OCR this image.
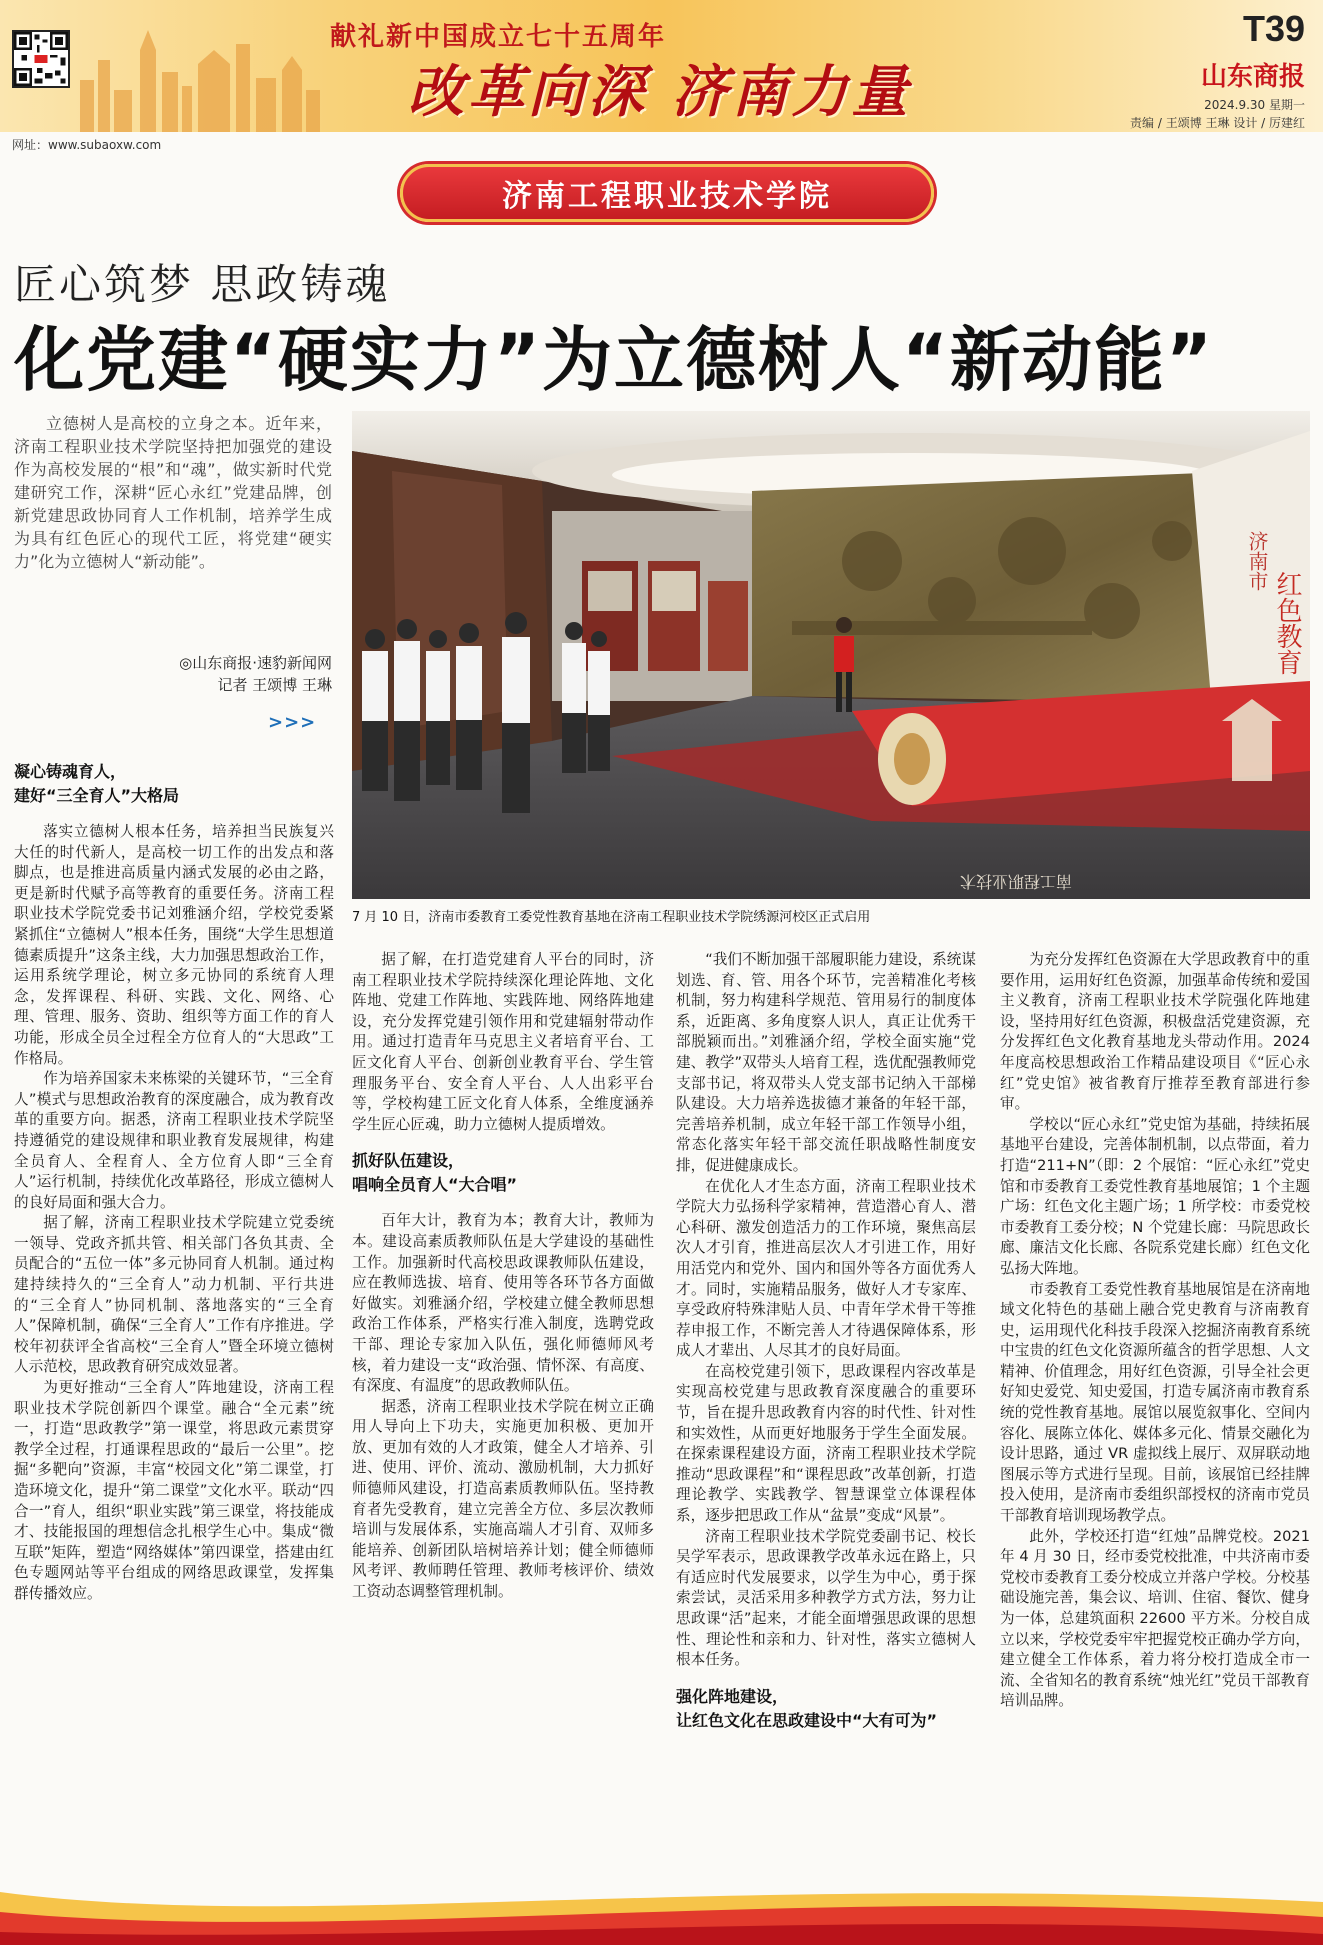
献礼新中国成立七十五周年
改革向深 济南力量
T39
山东商报
2024.9.30 星期一
责编 / 王颂博 王琳 设计 / 厉建红
网址：www.subaoxw.com
济南工程职业技术学院
匠心筑梦 思政铸魂
化党建“硬实力”为立德树人“新动能”

立德树人是高校的立身之本。近年来，济南工程职业技术学院坚持把加强党的建设作为高校发展的“根”和“魂”，做实新时代党建研究工作，深耕“匠心永红”党建品牌，创新党建思政协同育人工作机制，培养学生成为具有红色匠心的现代工匠，将党建“硬实力”化为立德树人“新动能”。

◎山东商报·速豹新闻网
记者 王颂博 王琳
>>>
济南市
红色教育
南工程职业技术
7 月 10 日，济南市委教育工委党性教育基地在济南工程职业技术学院绣源河校区正式启用
凝心铸魂育人，
建好“三全育人”大格局

落实立德树人根本任务，培养担当民族复兴大任的时代新人，是高校一切工作的出发点和落脚点，也是推进高质量内涵式发展的必由之路，更是新时代赋予高等教育的重要任务。济南工程职业技术学院党委书记刘雅涵介绍，学校党委紧紧抓住“立德树人”根本任务，围绕“大学生思想道德素质提升”这条主线，大力加强思想政治工作，运用系统学理论，树立多元协同的系统育人理念，发挥课程、科研、实践、文化、网络、心理、管理、服务、资助、组织等方面工作的育人功能，形成全员全过程全方位育人的“大思政”工作格局。

作为培养国家未来栋梁的关键环节，“三全育人”模式与思想政治教育的深度融合，成为教育改革的重要方向。据悉，济南工程职业技术学院坚持遵循党的建设规律和职业教育发展规律，构建全员育人、全程育人、全方位育人即“三全育人”运行机制，持续优化改革路径，形成立德树人的良好局面和强大合力。

据了解，济南工程职业技术学院建立党委统一领导、党政齐抓共管、相关部门各负其责、全员配合的“五位一体”多元协同育人机制。通过构建持续持久的“三全育人”动力机制、平行共进的“三全育人”协同机制、落地落实的“三全育人”保障机制，确保“三全育人”工作有序推进。学校年初获评全省高校“三全育人”暨全环境立德树人示范校，思政教育研究成效显著。

为更好推动“三全育人”阵地建设，济南工程职业技术学院创新四个课堂。融合“全元素”统一，打造“思政教学”第一课堂，将思政元素贯穿教学全过程，打通课程思政的“最后一公里”。挖掘“多靶向”资源，丰富“校园文化”第二课堂，打造环境文化，提升“第二课堂”文化水平。联动“四合一”育人，组织“职业实践”第三课堂，将技能成才、技能报国的理想信念扎根学生心中。集成“微互联”矩阵，塑造“网络媒体”第四课堂，搭建由红色专题网站等平台组成的网络思政课堂，发挥集群传播效应。

据了解，在打造党建育人平台的同时，济南工程职业技术学院持续深化理论阵地、文化阵地、党建工作阵地、实践阵地、网络阵地建设，充分发挥党建引领作用和党建辐射带动作用。通过打造青年马克思主义者培育平台、工匠文化育人平台、创新创业教育平台、学生管理服务平台、安全育人平台、人人出彩平台等，学校构建工匠文化育人体系，全维度涵养学生匠心匠魂，助力立德树人提质增效。

抓好队伍建设，
唱响全员育人“大合唱”

百年大计，教育为本；教育大计，教师为本。建设高素质教师队伍是大学建设的基础性工作。加强新时代高校思政课教师队伍建设，应在教师选拔、培育、使用等各环节各方面做好做实。刘雅涵介绍，学校建立健全教师思想政治工作体系，严格实行准入制度，选聘党政干部、理论专家加入队伍，强化师德师风考核，着力建设一支“政治强、情怀深、有高度、有深度、有温度”的思政教师队伍。

据悉，济南工程职业技术学院在树立正确用人导向上下功夫，实施更加积极、更加开放、更加有效的人才政策，健全人才培养、引进、使用、评价、流动、激励机制，大力抓好师德师风建设，打造高素质教师队伍。坚持教育者先受教育，建立完善全方位、多层次教师培训与发展体系，实施高端人才引育、双师多能培养、创新团队培树培养计划；健全师德师风考评、教师聘任管理、教师考核评价、绩效工资动态调整管理机制。

“我们不断加强干部履职能力建设，系统谋划选、育、管、用各个环节，完善精准化考核机制，努力构建科学规范、管用易行的制度体系，近距离、多角度察人识人，真正让优秀干部脱颖而出。”刘雅涵介绍，学校全面实施“党建、教学”双带头人培育工程，选优配强教师党支部书记，将双带头人党支部书记纳入干部梯队建设。大力培养选拔德才兼备的年轻干部，完善培养机制，成立年轻干部工作领导小组，常态化落实年轻干部交流任职战略性制度安排，促进健康成长。

在优化人才生态方面，济南工程职业技术学院大力弘扬科学家精神，营造潜心育人、潜心科研、激发创造活力的工作环境，聚焦高层次人才引育，推进高层次人才引进工作，用好用活党内和党外、国内和国外等各方面优秀人才。同时，实施精品服务，做好人才专家库、享受政府特殊津贴人员、中青年学术骨干等推荐申报工作，不断完善人才待遇保障体系，形成人才辈出、人尽其才的良好局面。

在高校党建引领下，思政课程内容改革是实现高校党建与思政教育深度融合的重要环节，旨在提升思政教育内容的时代性、针对性和实效性，从而更好地服务于学生全面发展。在探索课程建设方面，济南工程职业技术学院推动“思政课程”和“课程思政”改革创新，打造理论教学、实践教学、智慧课堂立体课程体系，逐步把思政工作从“盆景”变成“风景”。

济南工程职业技术学院党委副书记、校长吴学军表示，思政课教学改革永远在路上，只有适应时代发展要求，以学生为中心，勇于探索尝试，灵活采用多种教学方式方法，努力让思政课“活”起来，才能全面增强思政课的思想性、理论性和亲和力、针对性，落实立德树人根本任务。

强化阵地建设，
让红色文化在思政建设中“大有可为”

为充分发挥红色资源在大学思政教育中的重要作用，运用好红色资源，加强革命传统和爱国主义教育，济南工程职业技术学院强化阵地建设，坚持用好红色资源，积极盘活党建资源，充分发挥红色文化教育基地龙头带动作用。2024 年度高校思想政治工作精品建设项目《“匠心永红”党史馆》被省教育厅推荐至教育部进行参审。

学校以“匠心永红”党史馆为基础，持续拓展基地平台建设，完善体制机制，以点带面，着力打造“211+N”（即：2 个展馆：“匠心永红”党史馆和市委教育工委党性教育基地展馆；1 个主题广场：红色文化主题广场；1 所学校：市委党校市委教育工委分校；N 个党建长廊：马院思政长廊、廉洁文化长廊、各院系党建长廊）红色文化弘扬大阵地。

市委教育工委党性教育基地展馆是在济南地域文化特色的基础上融合党史教育与济南教育史，运用现代化科技手段深入挖掘济南教育系统中宝贵的红色文化资源所蕴含的哲学思想、人文精神、价值理念，用好红色资源，引导全社会更好知史爱党、知史爱国，打造专属济南市教育系统的党性教育基地。展馆以展览叙事化、空间内容化、展陈立体化、媒体多元化、情景交融化为设计思路，通过 VR 虚拟线上展厅、双屏联动地图展示等方式进行呈现。目前，该展馆已经挂牌投入使用，是济南市委组织部授权的济南市党员干部教育培训现场教学点。

此外，学校还打造“红烛”品牌党校。2021 年 4 月 30 日，经市委党校批准，中共济南市委党校市委教育工委分校成立并落户学校。分校基础设施完善，集会议、培训、住宿、餐饮、健身为一体，总建筑面积 22600 平方米。分校自成立以来，学校党委牢牢把握党校正确办学方向，建立健全工作体系，着力将分校打造成全市一流、全省知名的教育系统“烛光红”党员干部教育培训品牌。
